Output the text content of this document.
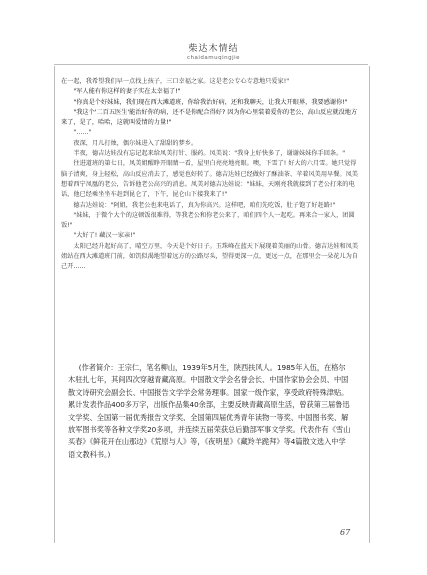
柴达木情结
chaidamuqingjie

在一起，我希望我们早一点找上孩子，三口幸福之家。这是老公专心专意地只爱家!"

"军人能有你这样的妻子实在太幸福了!"

"你真是个好妹妹，我们现在西大滩道班，你给我治好病，还和我聊天，让我大开眼界，我要感谢你!"

"我这个'二百五医生'能治好你的病，还不是你配合得好? 因为你心里装着爱你的老公，高山反应就没地方来了，是了，哈哈，这就叫爱情的力量!"

"……"

夜深，月儿打烛，偶尔妹进入了甜甜的梦乡。

半夜，德吉达娃没有忘记起来给凤美打针、服药。凤美说："我身上好快多了，谢谢妹妹你手回条。"

往进道班的第七日，凤美姐醒睁开眼睛一看，屋里白亮亮地亮眼。噢，下雪了! 好大的六月雪。她只觉得脑子清爽，身上轻松，高山反应消去了，感觉也好转了。德吉达娃已经做好了酥油茶、苹着风美用早餐。凤美想着西宁凤凰的老公，告诉他老公高兴的消息。凤美对德吉达娃说："妹妹，天刚亮我就接到了老公打来的电话，他已经乘坐坐车赶到昆仑了，下午，昆仑山下接我来了!"

德吉达娃说："阿姐，我老公也来电话了，真为你高兴。这样吧，咱们先吃饭，肚子饱了好赶路!"

"妹妹，于微个大个的这顿饭很难得，等我老公和你老公来了，咱们四个人一起吃。再来合一家人，团圆饭!"

"大好了! 藏汉一家亲!"

太阳已经升起好高了，晴空万里，今天是个好日子。玉珠峰在蓝天下展现着美丽的山骨。德吉达娃和凤美姐站在西大滩道班门前，如饥似渴地望着远方的公路尽头，望得更深一点，更远一点，在那里会一朵花儿为自己开……

(作者简介：王宗仁，笔名柳山，1939年5月生，陕西扶风人。1985年入伍，在格尔木驻扎七年，其间四次穿越青藏高原。中国散文学会名誉会长、中国作家协会会员、中国散文诗研究会副会长、中国报告文学学会常务理事。国家一级作家，享受政府特殊津贴。累计发表作品400多万字，出版作品集40余部，主要反映青藏高原生活，曾获第三届鲁迅文学奖、全国第一届优秀报告文学奖、全国第四届优秀青年读物一等奖、中国图书奖、解放军图书奖等各种文学奖20多项，并连续五届荣获总后勤部军事文学奖。代表作有《雪山买春》《鲜花开在山那边》《荒原与人》等，《夜明星》《藏羚羊跪拜》等4篇散文选入中学语文教科书。)
67
